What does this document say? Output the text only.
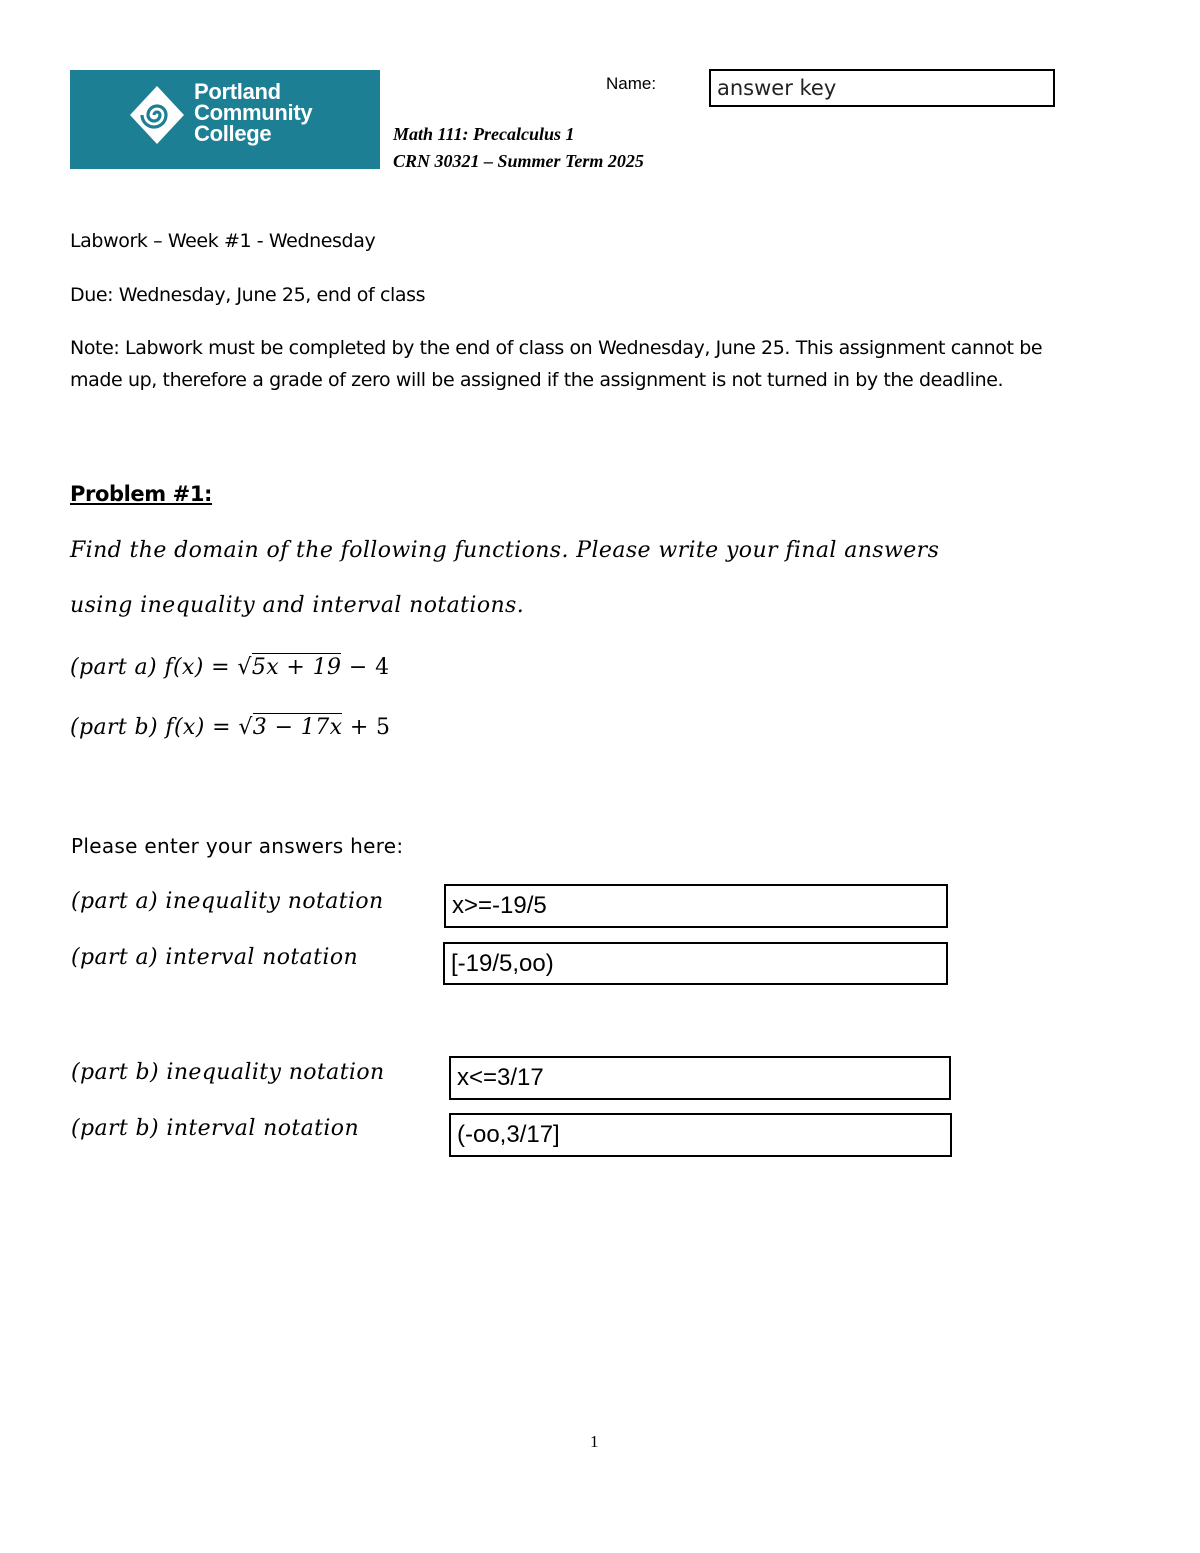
Portland
Community
College	Math 111: Precalculus 1
CRN 30321 – Summer Term 2025
Name:
answer key
Labwork – Week #1 - Wednesday
Due: Wednesday, June 25, end of class
Note: Labwork must be completed by the end of class on Wednesday, June 25. This assignment cannot be
made up, therefore a grade of zero will be assigned if the assignment is not turned in by the deadline.
Problem #1:
Find the domain of the following functions. Please write your final answers
using inequality and interval notations.
(part a) f(x) = √5x + 19 − 4
(part b) f(x) = √3 − 17x + 5
Please enter your answers here:
(part a) inequality notation
x>=-19/5
(part a) interval notation
[-19/5,oo)
(part b) inequality notation
x<=3/17
(part b) interval notation
(-oo,3/17]
1
